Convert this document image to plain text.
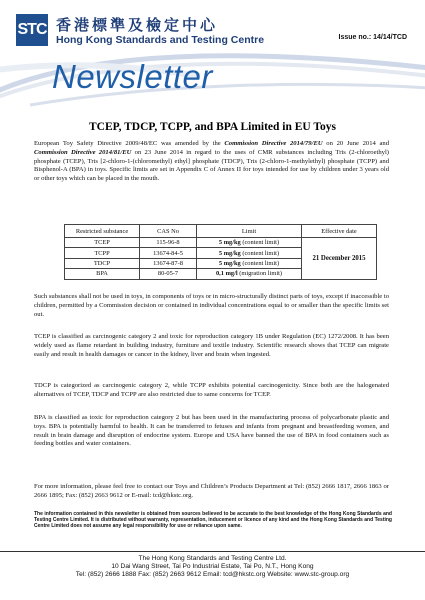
STC 香港標準及檢定中心
Hong Kong Standards and Testing Centre	Issue no.: 14/14/TCD
Newsletter
TCEP, TDCP, TCPP, and BPA Limited in EU Toys
European Toy Safety Directive 2009/48/EC was amended by the Commission Directive 2014/79/EU on 20 June 2014 and Commission Directive 2014/81/EU on 23 June 2014 in regard to the uses of CMR substances including Tris (2-chloroethyl) phosphate (TCEP), Tris [2-chloro-1-(chloromethyl) ethyl] phosphate (TDCP), Tris (2-chloro-1-methylethyl) phosphate (TCPP) and Bisphenol-A (BPA) in toys. Specific limits are set in Appendix C of Annex II for toys intended for use by children under 3 years old or other toys which can be placed in the mouth.
Restricted substance	CAS No	Limit	Effective date
TCEP	115-96-8	5 mg/kg (content limit)	21 December 2015
TCPP	13674-84-5	5 mg/kg (content limit)	
TDCP	13674-87-8	5 mg/kg (content limit)	
BPA	80-05-7	0,1 mg/l (migration limit)	
Such substances shall not be used in toys, in components of toys or in micro-structurally distinct parts of toys, except if inaccessible to children, permitted by a Commission decision or contained in individual concentrations equal to or smaller than the specific limits set out.
TCEP is classified as carcinogenic category 2 and toxic for reproduction category 1B under Regulation (EC) 1272/2008. It has been widely used as flame retardant in building industry, furniture and textile industry. Scientific research shows that TCEP can migrate easily and result in health damages or cancer in the kidney, liver and brain when ingested.
TDCP is categorized as carcinogenic category 2, while TCPP exhibits potential carcinogenicity. Since both are the halogenated alternatives of TCEP, TDCP and TCPP are also restricted due to same concerns for TCEP.
BPA is classified as toxic for reproduction category 2 but has been used in the manufacturing process of polycarbonate plastic and toys. BPA is potentially harmful to health. It can be transferred to fetuses and infants from pregnant and breastfeeding women, and result in brain damage and disruption of endocrine system. Europe and USA have banned the use of BPA in food containers such as feeding bottles and water containers.
For more information, please feel free to contact our Toys and Children’s Products Department at Tel: (852) 2666 1817, 2666 1863 or 2666 1895; Fax: (852) 2663 9612 or E-mail: tcd@hkstc.org.
The information contained in this newsletter is obtained from sources believed to be accurate to the best knowledge of the Hong Kong Standards and Testing Centre Limited. It is distributed without warranty, representation, inducement or licence of any kind and the Hong Kong Standards and Testing Centre Limited does not assume any legal responsibility for use or reliance upon same.
The Hong Kong Standards and Testing Centre Ltd.
10 Dai Wang Street, Tai Po Industrial Estate, Tai Po, N.T., Hong Kong
Tel: (852) 2666 1888 Fax: (852) 2663 9612 Email: tcd@hkstc.org Website: www.stc-group.org
